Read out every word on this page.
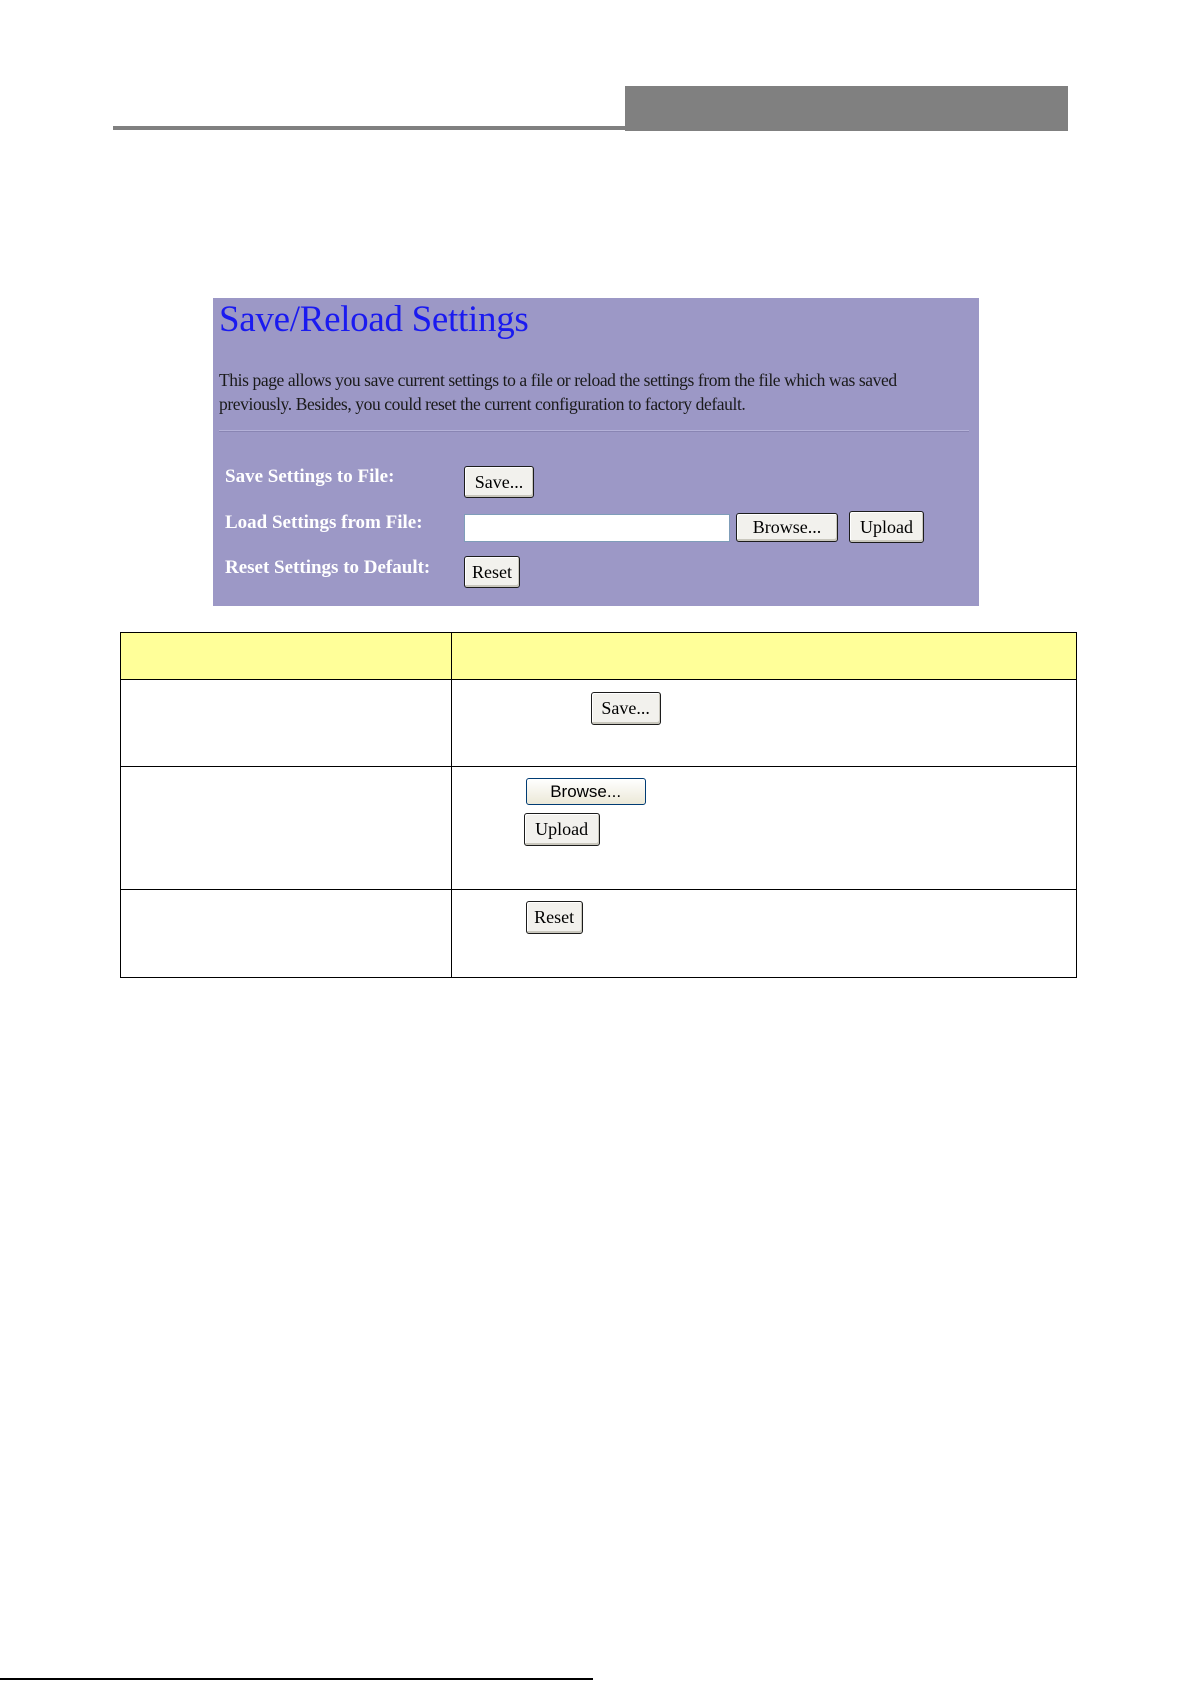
Save/Reload Settings
This page allows you save current settings to a file or reload the settings from the file which was saved previously. Besides, you could reset the current configuration to factory default.
Save Settings to File:	Save...
Load Settings from File:	Browse...	Upload
Reset Settings to Default:	Reset

	Save...

	Browse...
Upload

	Reset
